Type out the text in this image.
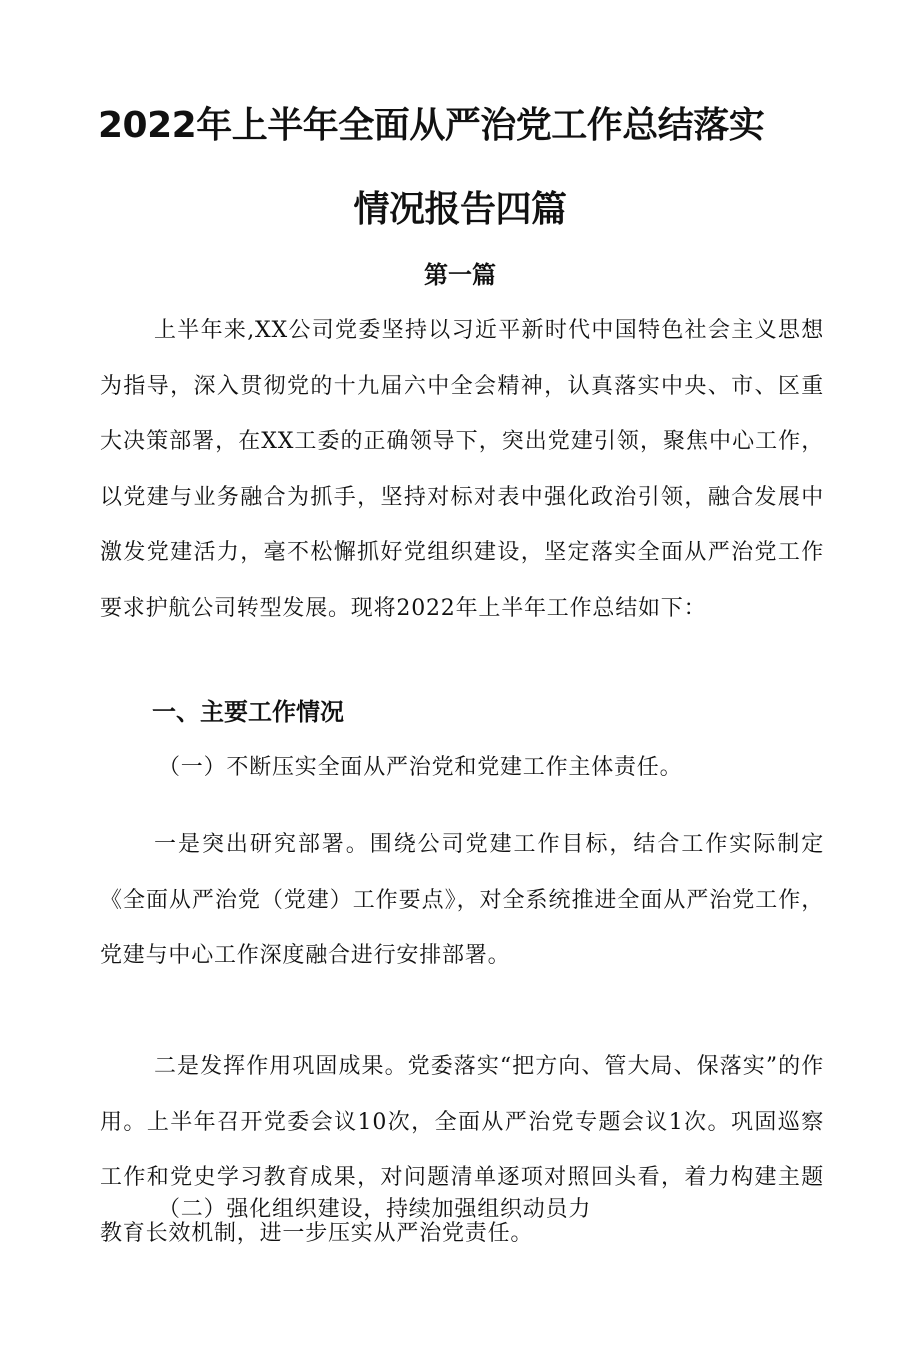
2022年上半年全面从严治党工作总结落实
情况报告四篇
第一篇

上半年来,XX公司党委坚持以习近平新时代中国特色社会主义思想为指导，深入贯彻党的十九届六中全会精神，认真落实中央、市、区重大决策部署，在XX工委的正确领导下，突出党建引领，聚焦中心工作，以党建与业务融合为抓手，坚持对标对表中强化政治引领，融合发展中激发党建活力，毫不松懈抓好党组织建设，坚定落实全面从严治党工作要求护航公司转型发展。现将2022年上半年工作总结如下：

一、主要工作情况

（一）不断压实全面从严治党和党建工作主体责任。

一是突出研究部署。围绕公司党建工作目标，结合工作实际制定《全面从严治党（党建）工作要点》，对全系统推进全面从严治党工作，党建与中心工作深度融合进行安排部署。

二是发挥作用巩固成果。党委落实“把方向、管大局、保落实”的作用。上半年召开党委会议10次，全面从严治党专题会议1次。巩固巡察工作和党史学习教育成果，对问题清单逐项对照回头看，着力构建主题教育长效机制，进一步压实从严治党责任。

（二）强化组织建设，持续加强组织动员力
